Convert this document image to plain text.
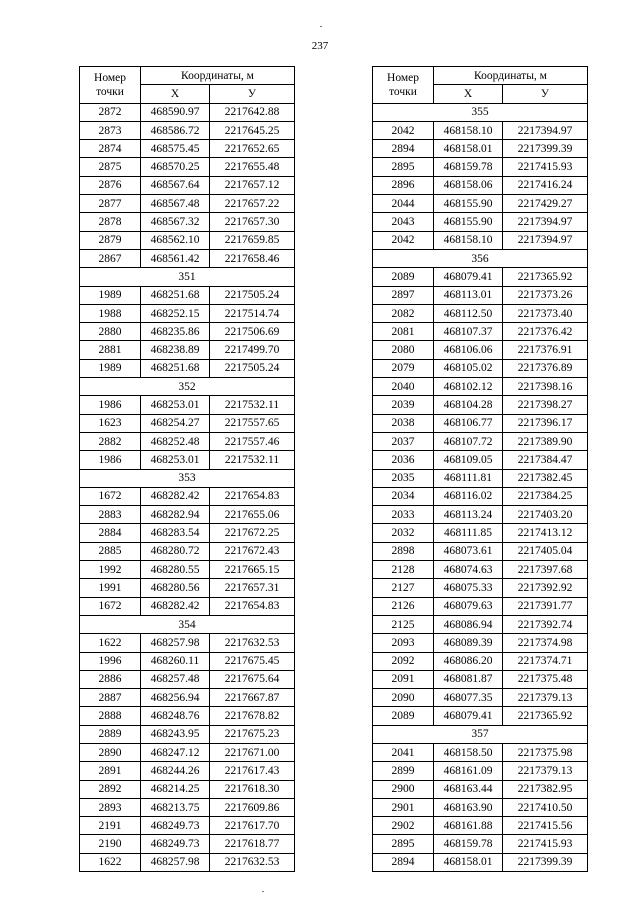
237
Номер
точки	Координаты, м	
	X	У
2872	468590.97	2217642.88
2873	468586.72	2217645.25
2874	468575.45	2217652.65
2875	468570.25	2217655.48
2876	468567.64	2217657.12
2877	468567.48	2217657.22
2878	468567.32	2217657.30
2879	468562.10	2217659.85
2867	468561.42	2217658.46
351		
1989	468251.68	2217505.24
1988	468252.15	2217514.74
2880	468235.86	2217506.69
2881	468238.89	2217499.70
1989	468251.68	2217505.24
352		
1986	468253.01	2217532.11
1623	468254.27	2217557.65
2882	468252.48	2217557.46
1986	468253.01	2217532.11
353		
1672	468282.42	2217654.83
2883	468282.94	2217655.06
2884	468283.54	2217672.25
2885	468280.72	2217672.43
1992	468280.55	2217665.15
1991	468280.56	2217657.31
1672	468282.42	2217654.83
354		
1622	468257.98	2217632.53
1996	468260.11	2217675.45
2886	468257.48	2217675.64
2887	468256.94	2217667.87
2888	468248.76	2217678.82
2889	468243.95	2217675.23
2890	468247.12	2217671.00
2891	468244.26	2217617.43
2892	468214.25	2217618.30
2893	468213.75	2217609.86
2191	468249.73	2217617.70
2190	468249.73	2217618.77
1622	468257.98	2217632.53
Номер
точки	Координаты, м	
	X	У
355		
2042	468158.10	2217394.97
2894	468158.01	2217399.39
2895	468159.78	2217415.93
2896	468158.06	2217416.24
2044	468155.90	2217429.27
2043	468155.90	2217394.97
2042	468158.10	2217394.97
356		
2089	468079.41	2217365.92
2897	468113.01	2217373.26
2082	468112.50	2217373.40
2081	468107.37	2217376.42
2080	468106.06	2217376.91
2079	468105.02	2217376.89
2040	468102.12	2217398.16
2039	468104.28	2217398.27
2038	468106.77	2217396.17
2037	468107.72	2217389.90
2036	468109.05	2217384.47
2035	468111.81	2217382.45
2034	468116.02	2217384.25
2033	468113.24	2217403.20
2032	468111.85	2217413.12
2898	468073.61	2217405.04
2128	468074.63	2217397.68
2127	468075.33	2217392.92
2126	468079.63	2217391.77
2125	468086.94	2217392.74
2093	468089.39	2217374.98
2092	468086.20	2217374.71
2091	468081.87	2217375.48
2090	468077.35	2217379.13
2089	468079.41	2217365.92
357		
2041	468158.50	2217375.98
2899	468161.09	2217379.13
2900	468163.44	2217382.95
2901	468163.90	2217410.50
2902	468161.88	2217415.56
2895	468159.78	2217415.93
2894	468158.01	2217399.39
